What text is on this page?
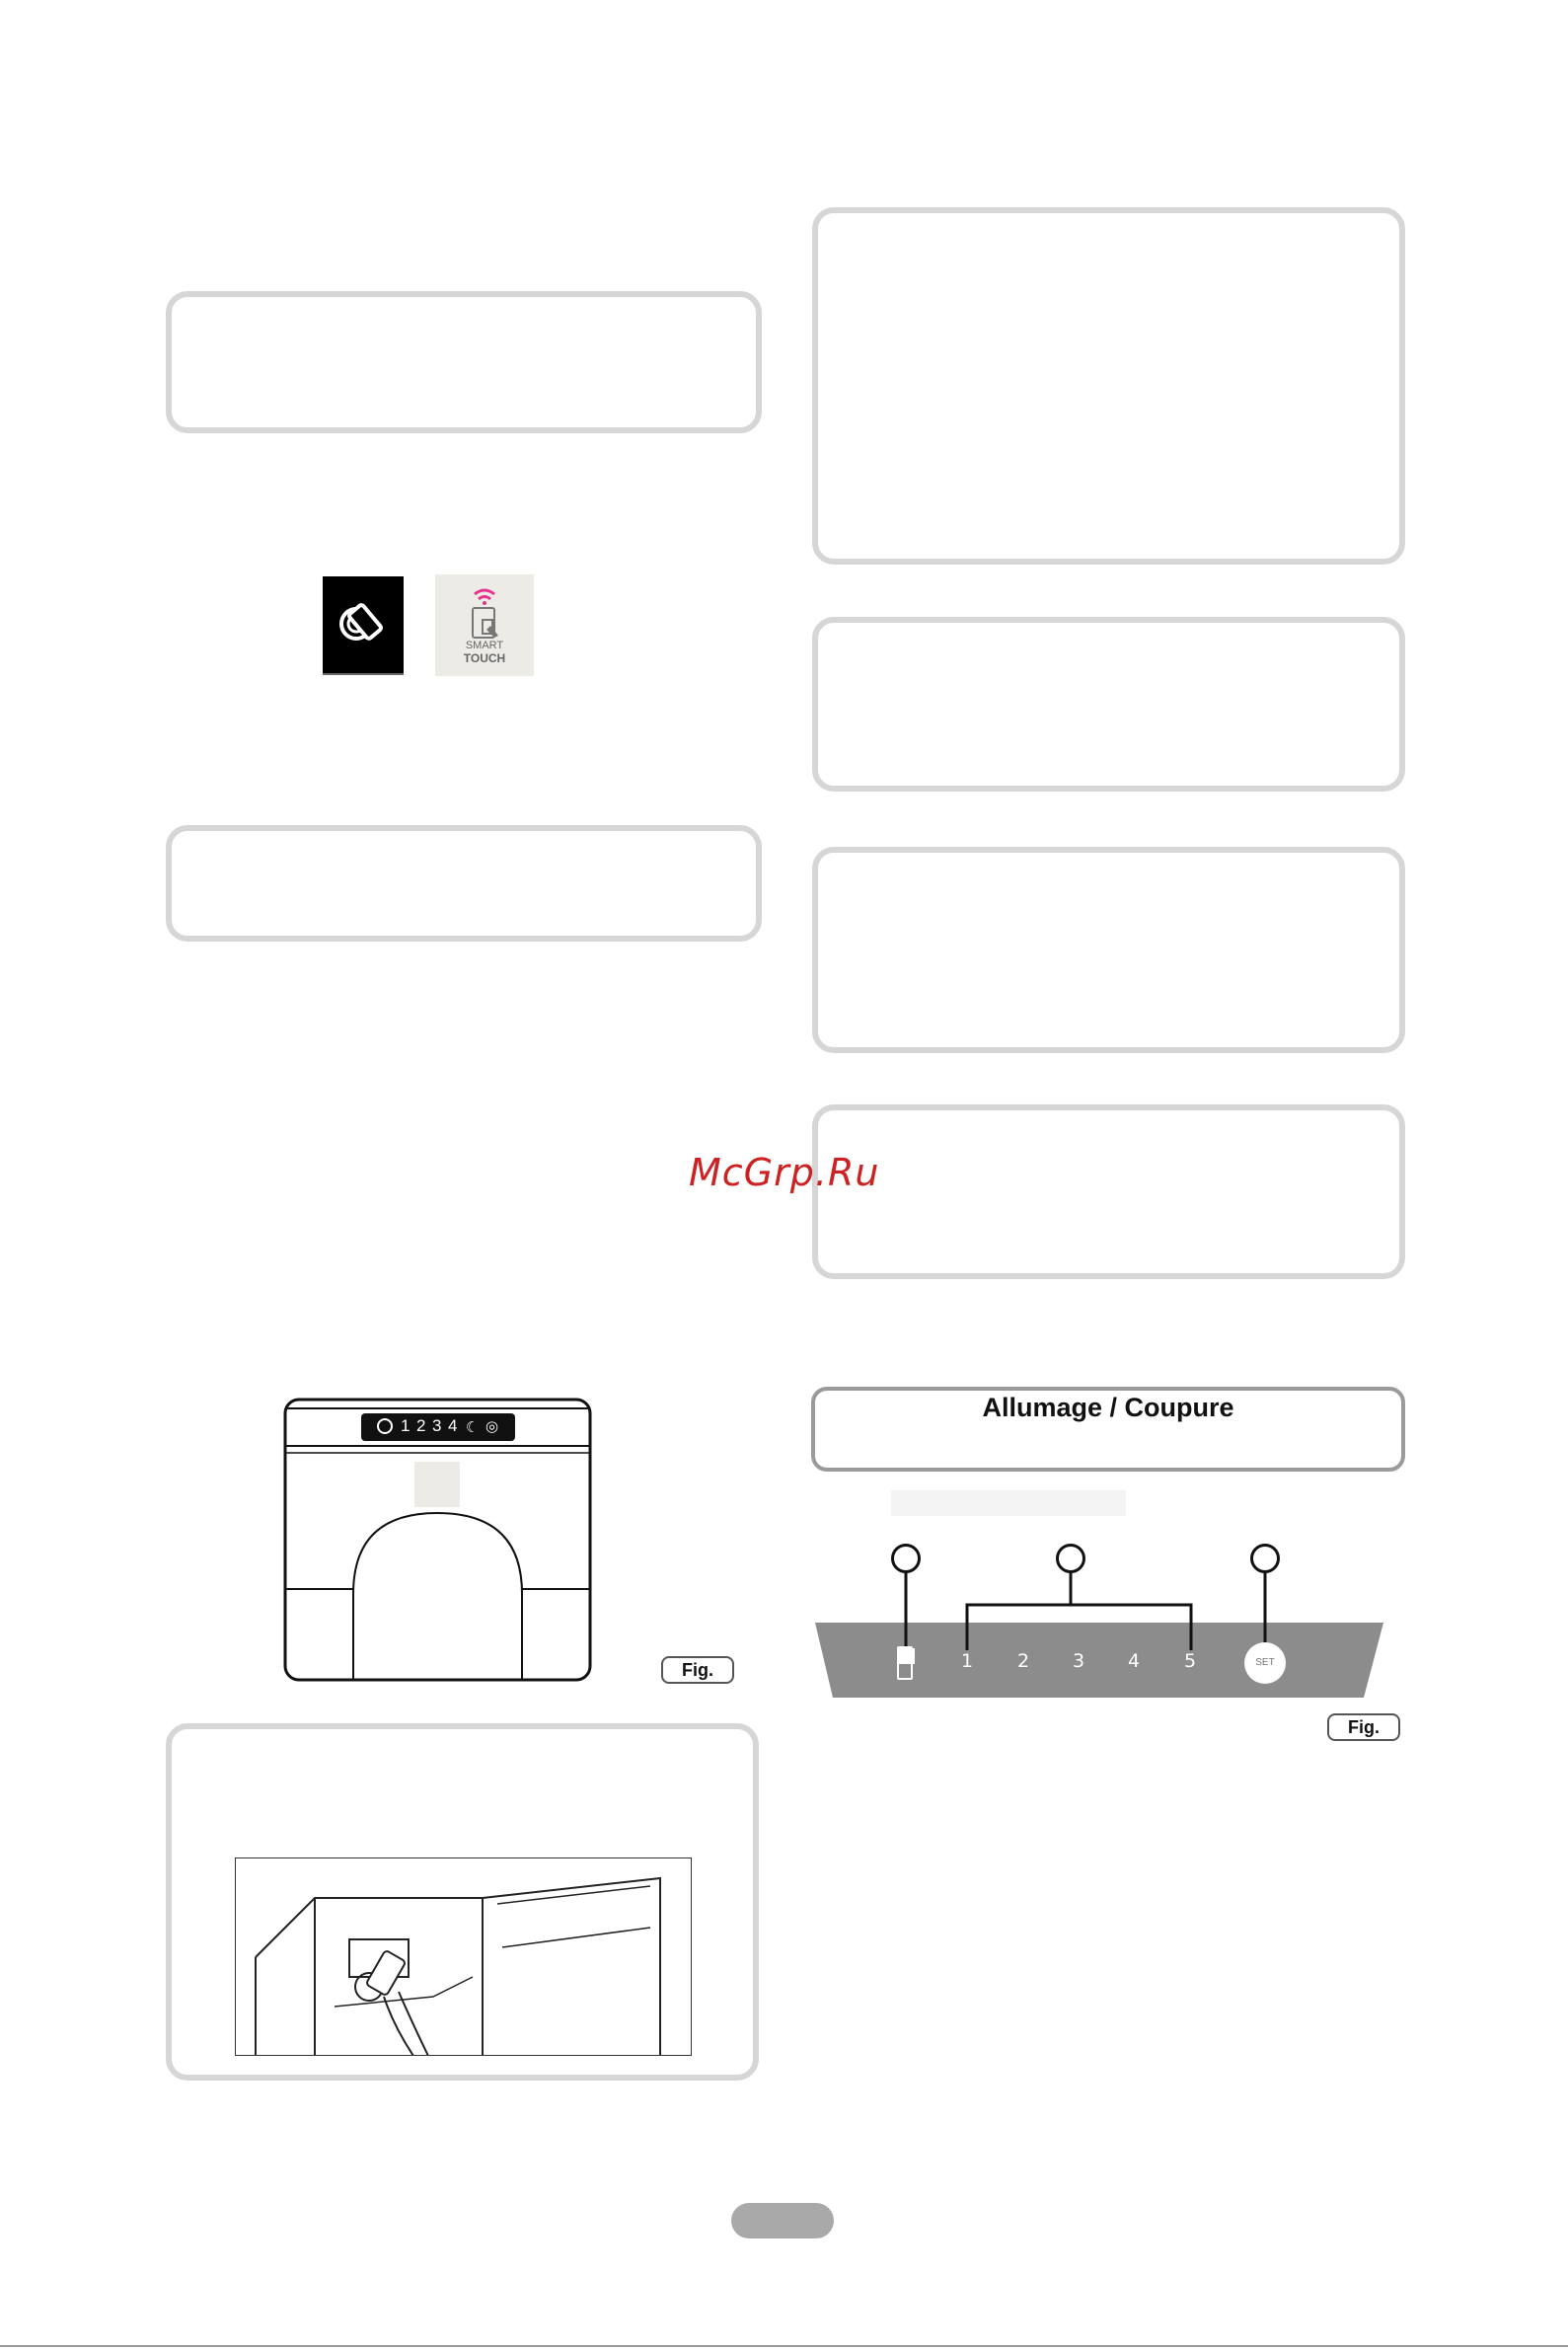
SMART
TOUCH
1 2 3 4 ☾ ◎
Fig.
McGrp.Ru
Allumage / Coupure
1 2 3 4 5	SET
Fig.
